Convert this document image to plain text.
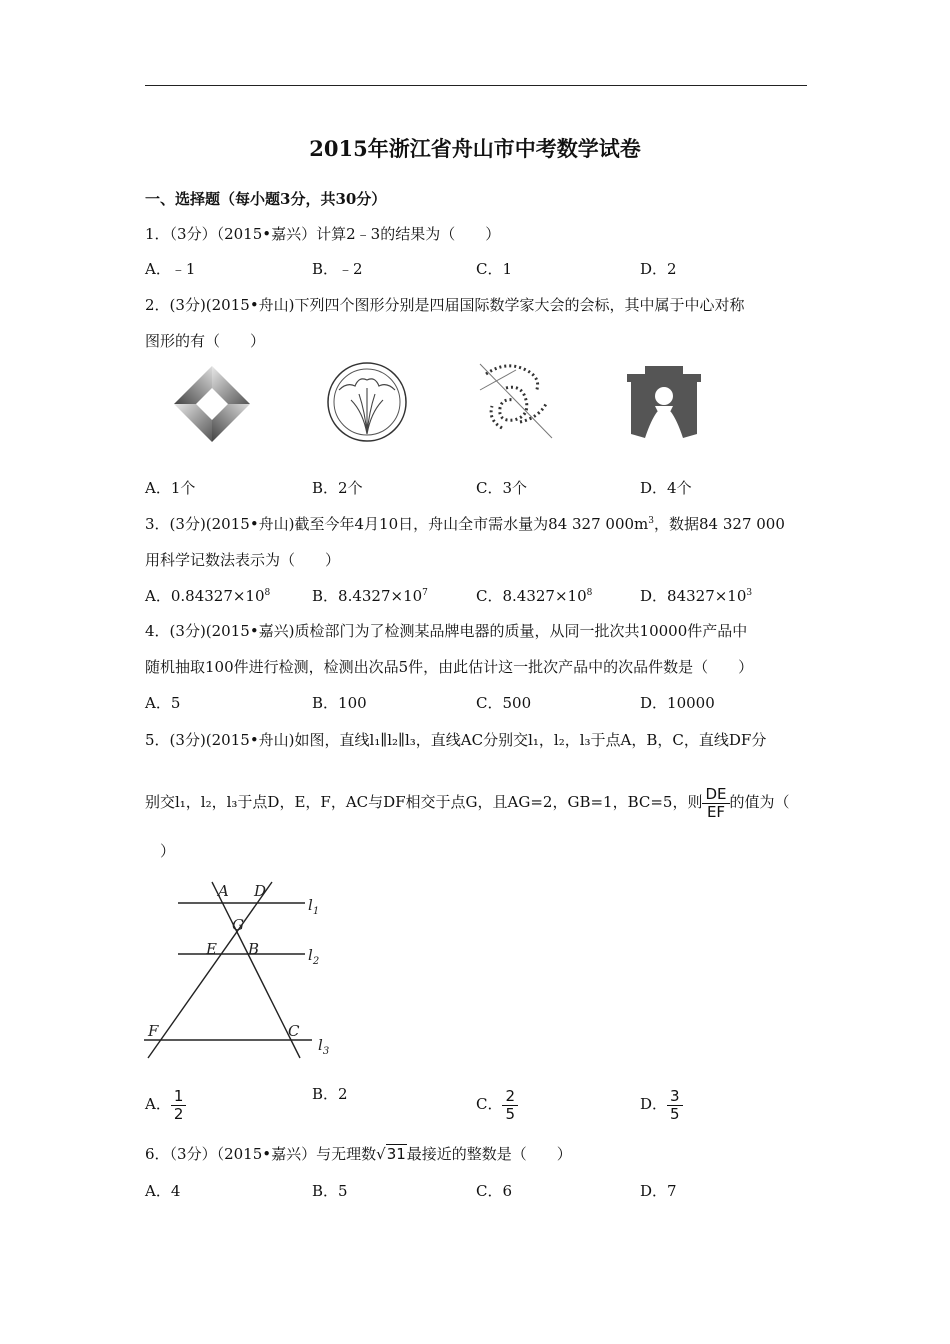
2015年浙江省舟山市中考数学试卷
一、选择题（每小题3分，共30分）
1．（3分）（2015•嘉兴）计算2﹣3的结果为（　　）
A．﹣1	B．﹣2	C．1	D．2
2．(3分)(2015•舟山)下列四个图形分别是四届国际数学家大会的会标，其中属于中心对称
图形的有（　　）
A．1个	B．2个	C．3个	D．4个
3．(3分)(2015•舟山)截至今年4月10日，舟山全市需水量为84 327 $000m^3$，数据84 327 000
用科学记数法表示为（　　）
A．$0.84327\times 10^8$	B．$8.4327\times 10^7$	C．$8.4327\times 10^8$	D．$84327\times 10^3$
4．(3分)(2015•嘉兴)质检部门为了检测某品牌电器的质量，从同一批次共10000件产品中
随机抽取100件进行检测，检测出次品5件，由此估计这一批次产品中的次品件数是（　　）
A．5	B．100	C．500	D．10000
5．(3分)(2015•舟山)如图，直线l₁∥l₂∥l₃，直线AC分别交l₁，l₂，l₃于点A，B，C，直线DF分
别交l₁，l₂，l₃于点D，E，F，AC与DF相交于点G，且AG=2，GB=1，BC=5，则 $\frac{DE}{EF}$ 的值为（
　）
A D
G
E B
F	C
$l_1$
$l_2$
$l_3$
A． $\frac{1}{2}$	B．2
C． $\frac{2}{5}$	D． $\frac{3}{5}$
6．（3分）（2015•嘉兴）与无理数√31最接近的整数是（　　）
A．4	B．5	C．6	D．7
